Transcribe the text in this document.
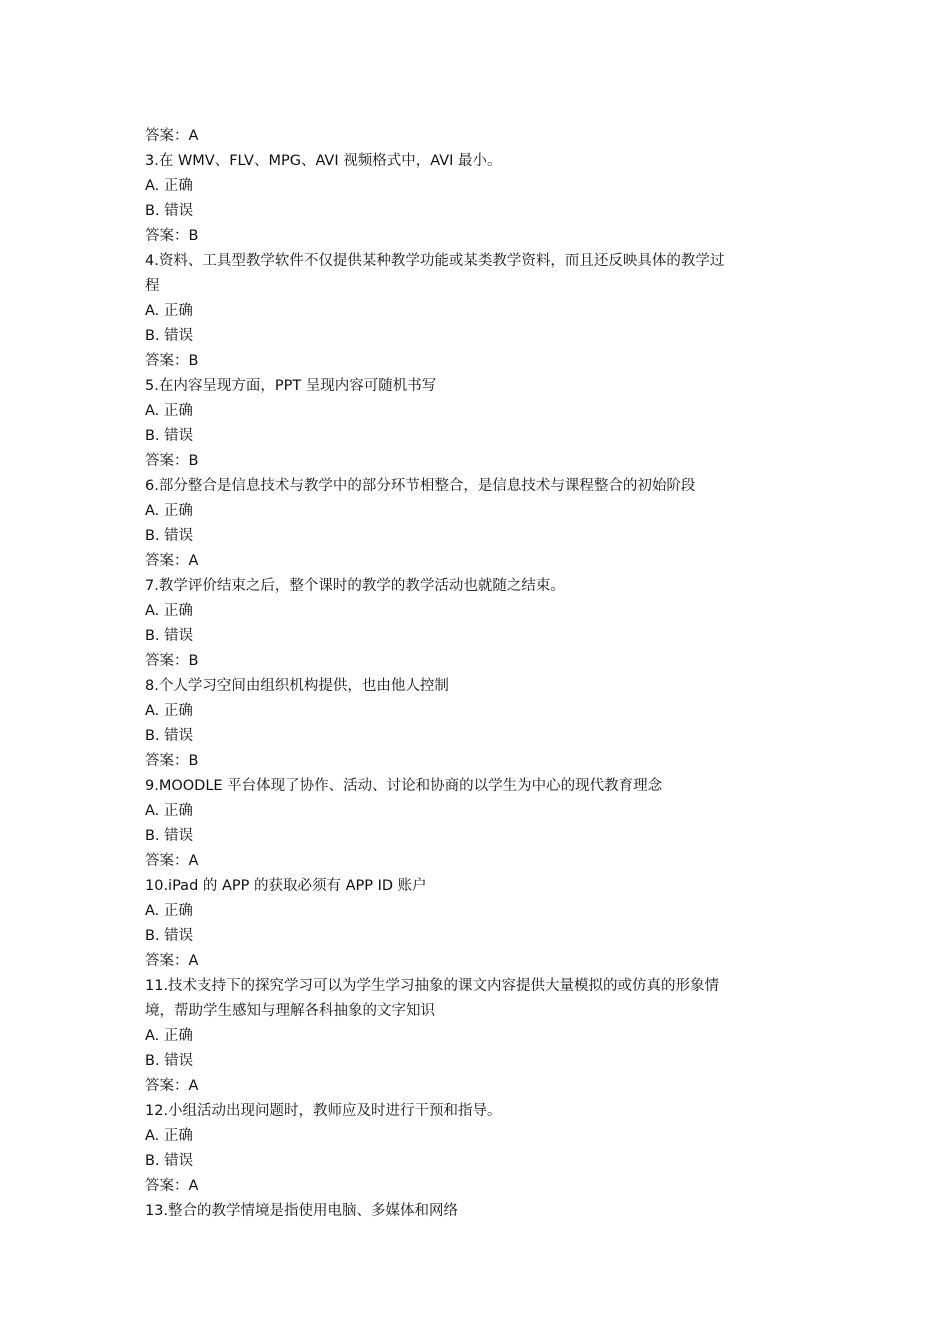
答案：A
3.在 WMV、FLV、MPG、AVI 视频格式中，AVI 最小。
A. 正确
B. 错误
答案：B
4.资料、工具型教学软件不仅提供某种教学功能或某类教学资料，而且还反映具体的教学过
程
A. 正确
B. 错误
答案：B
5.在内容呈现方面，PPT 呈现内容可随机书写
A. 正确
B. 错误
答案：B
6.部分整合是信息技术与教学中的部分环节相整合，是信息技术与课程整合的初始阶段
A. 正确
B. 错误
答案：A
7.教学评价结束之后，整个课时的教学的教学活动也就随之结束。
A. 正确
B. 错误
答案：B
8.个人学习空间由组织机构提供，也由他人控制
A. 正确
B. 错误
答案：B
9.MOODLE 平台体现了协作、活动、讨论和协商的以学生为中心的现代教育理念
A. 正确
B. 错误
答案：A
10.iPad 的 APP 的获取必须有 APP ID 账户
A. 正确
B. 错误
答案：A
11.技术支持下的探究学习可以为学生学习抽象的课文内容提供大量模拟的或仿真的形象情
境，帮助学生感知与理解各科抽象的文字知识
A. 正确
B. 错误
答案：A
12.小组活动出现问题时，教师应及时进行干预和指导。
A. 正确
B. 错误
答案：A
13.整合的教学情境是指使用电脑、多媒体和网络
